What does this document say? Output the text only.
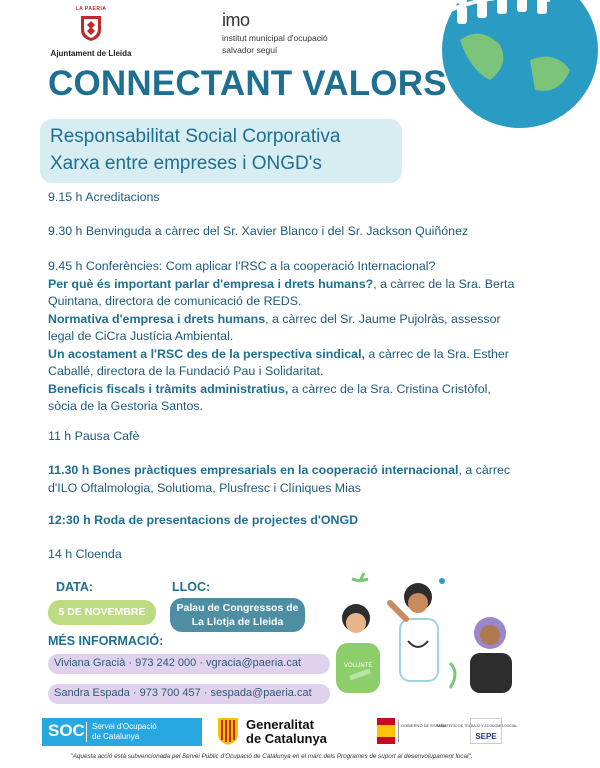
LA PAERIA
Ajuntament de Lleida
imo
institut municipal d'ocupació
salvador seguí
CONNECTANT VALORS
Responsabilitat Social Corporativa
Xarxa entre empreses i ONGD's
9.15 h Acreditacions
9.30 h Benvinguda a càrrec del Sr. Xavier Blanco i del Sr. Jackson Quiñónez
9.45 h Conferències: Com aplicar l'RSC a la cooperació Internacional?
Per què és important parlar d'empresa i drets humans?, a càrrec de la Sra. Berta Quintana, directora de comunicació de REDS.
Normativa d'empresa i drets humans, a càrrec del Sr. Jaume Pujolràs, assessor legal de CiCra Justícia Ambiental.
Un acostament a l'RSC des de la perspectiva sindical, a càrrec de la Sra. Esther Caballé, directora de la Fundació Pau i Solidaritat.
Beneficis fiscals i tràmits administratius, a càrrec de la Sra. Cristina Cristòfol, sòcia de la Gestoria Santos.
11 h Pausa Cafè
11.30 h Bones pràctiques empresarials en la cooperació internacional, a càrrec d'ILO Oftalmologia, Solutioma, Plusfresc i Clíniques Mias
12:30 h Roda de presentacions de projectes d'ONGD
14 h Cloenda
DATA:
5 DE NOVEMBRE
LLOC:
Palau de Congressos de
La Llotja de Lleida
MÉS INFORMACIÓ:
Viviana Gracià · 973 242 000 · vgracia@paeria.cat
Sandra Espada · 973 700 457 · sespada@paeria.cat
VOLUNTE
SOC Servei d'Ocupació
de Catalunya
Generalitat
de Catalunya
GOBIERNO DE ESPAÑA
MINISTERIO DE TRABAJO Y ECONOMÍA SOCIAL
SEPE
"Aquesta acció està subvencionada pel Servei Públic d'Ocupació de Catalunya en el marc dels Programes de suport al desenvolupament local".
